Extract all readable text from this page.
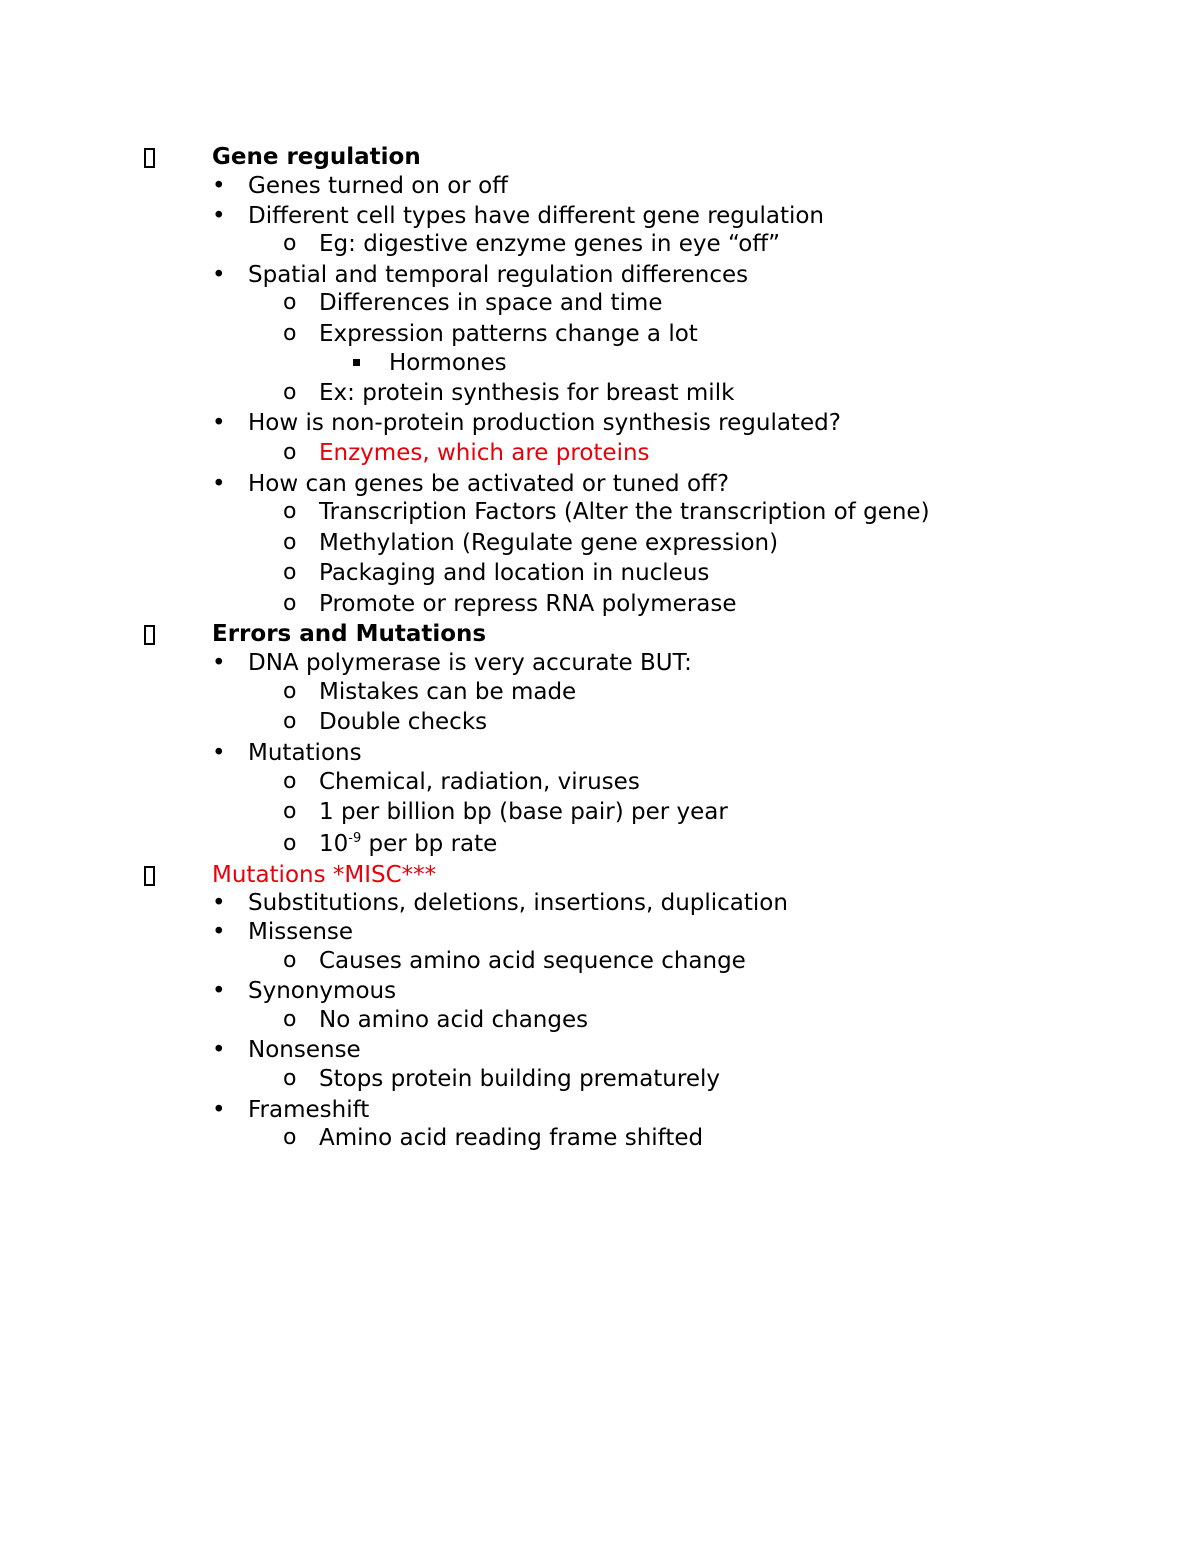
Gene regulation
• Genes turned on or off
• Different cell types have different gene regulation
o Eg: digestive enzyme genes in eye “off”
• Spatial and temporal regulation differences
o Differences in space and time
o Expression patterns change a lot
Hormones
o Ex: protein synthesis for breast milk
• How is non-protein production synthesis regulated?
o Enzymes, which are proteins
• How can genes be activated or tuned off?
o Transcription Factors (Alter the transcription of gene)
o Methylation (Regulate gene expression)
o Packaging and location in nucleus
o Promote or repress RNA polymerase
Errors and Mutations
• DNA polymerase is very accurate BUT:
o Mistakes can be made
o Double checks
• Mutations
o Chemical, radiation, viruses
o 1 per billion bp (base pair) per year
o $10^{-9}$ per bp rate
Mutations *MISC***
• Substitutions, deletions, insertions, duplication
• Missense
o Causes amino acid sequence change
• Synonymous
o No amino acid changes
• Nonsense
o Stops protein building prematurely
• Frameshift
o Amino acid reading frame shifted
